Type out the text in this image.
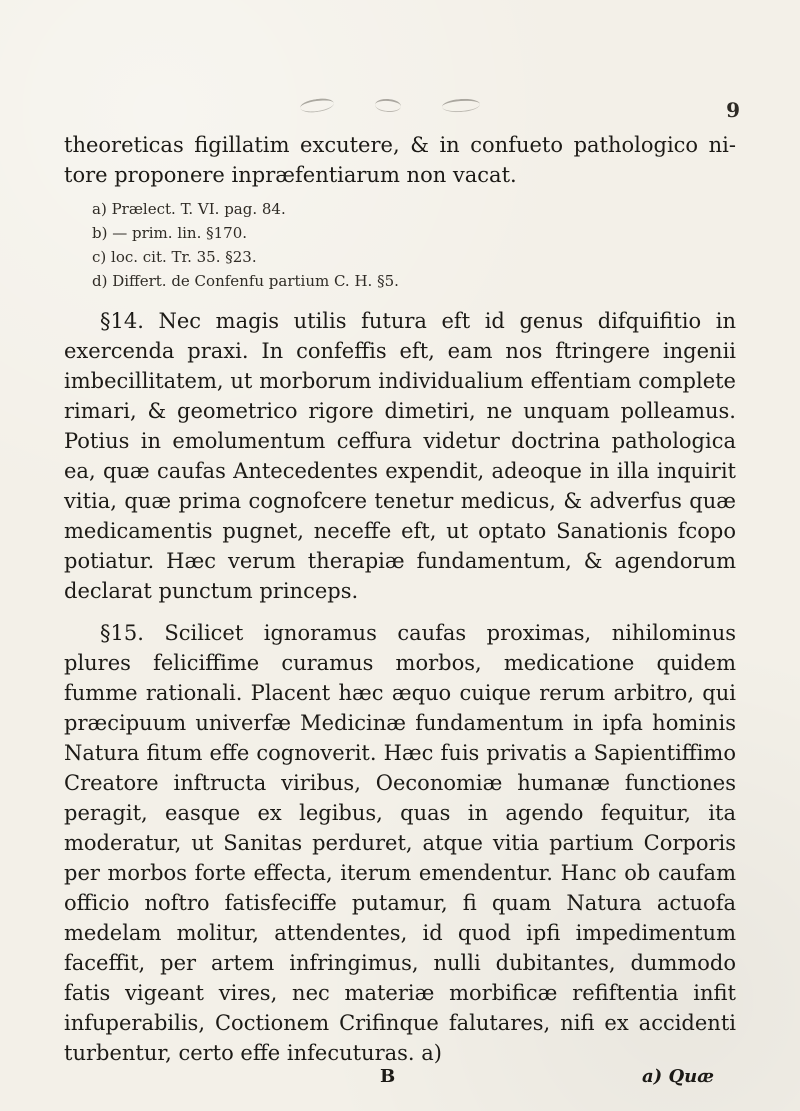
9

theoreticas figillatim excutere, & in confueto pathologico ni-tore proponere inpræfentiarum non vacat.

a) Prælect. T. VI. pag. 84.
b) — prim. lin. §170.
c) loc. cit. Tr. 35. §23.
d) Differt. de Confenfu partium C. H. §5.

§14. Nec magis utilis futura eft id genus difquifitio in exercenda praxi. In confeffis eft, eam nos ftringere ingenii imbecillitatem, ut morborum individualium effentiam complete rimari, & geometrico rigore dimetiri, ne unquam polleamus. Potius in emolumentum ceffura videtur doctrina pathologica ea, quæ caufas Antecedentes expendit, adeoque in illa inquirit vitia, quæ prima cognofcere tenetur medicus, & adverfus quæ medicamentis pugnet, neceffe eft, ut optato Sanationis fcopo potiatur. Hæc verum therapiæ fundamentum, & agendorum declarat punctum princeps.

§15. Scilicet ignoramus caufas proximas, nihilominus plures feliciffime curamus morbos, medicatione quidem fumme rationali. Placent hæc æquo cuique rerum arbitro, qui præcipuum univerfæ Medicinæ fundamentum in ipfa hominis Natura fitum effe cognoverit. Hæc fuis privatis a Sapientiffimo Creatore inftructa viribus, Oeconomiæ humanæ functiones peragit, easque ex legibus, quas in agendo fequitur, ita moderatur, ut Sanitas perduret, atque vitia partium Corporis per morbos forte effecta, iterum emendentur. Hanc ob caufam officio noftro fatisfeciffe putamur, fi quam Natura actuofa medelam molitur, attendentes, id quod ipfi impedimentum faceffit, per artem infringimus, nulli dubitantes, dummodo fatis vigeant vires, nec materiæ morbificæ refiftentia infit infuperabilis, Coctionem Crifinque falutares, nifi ex accidenti turbentur, certo effe infecuturas. a)

B	a) Quæ
